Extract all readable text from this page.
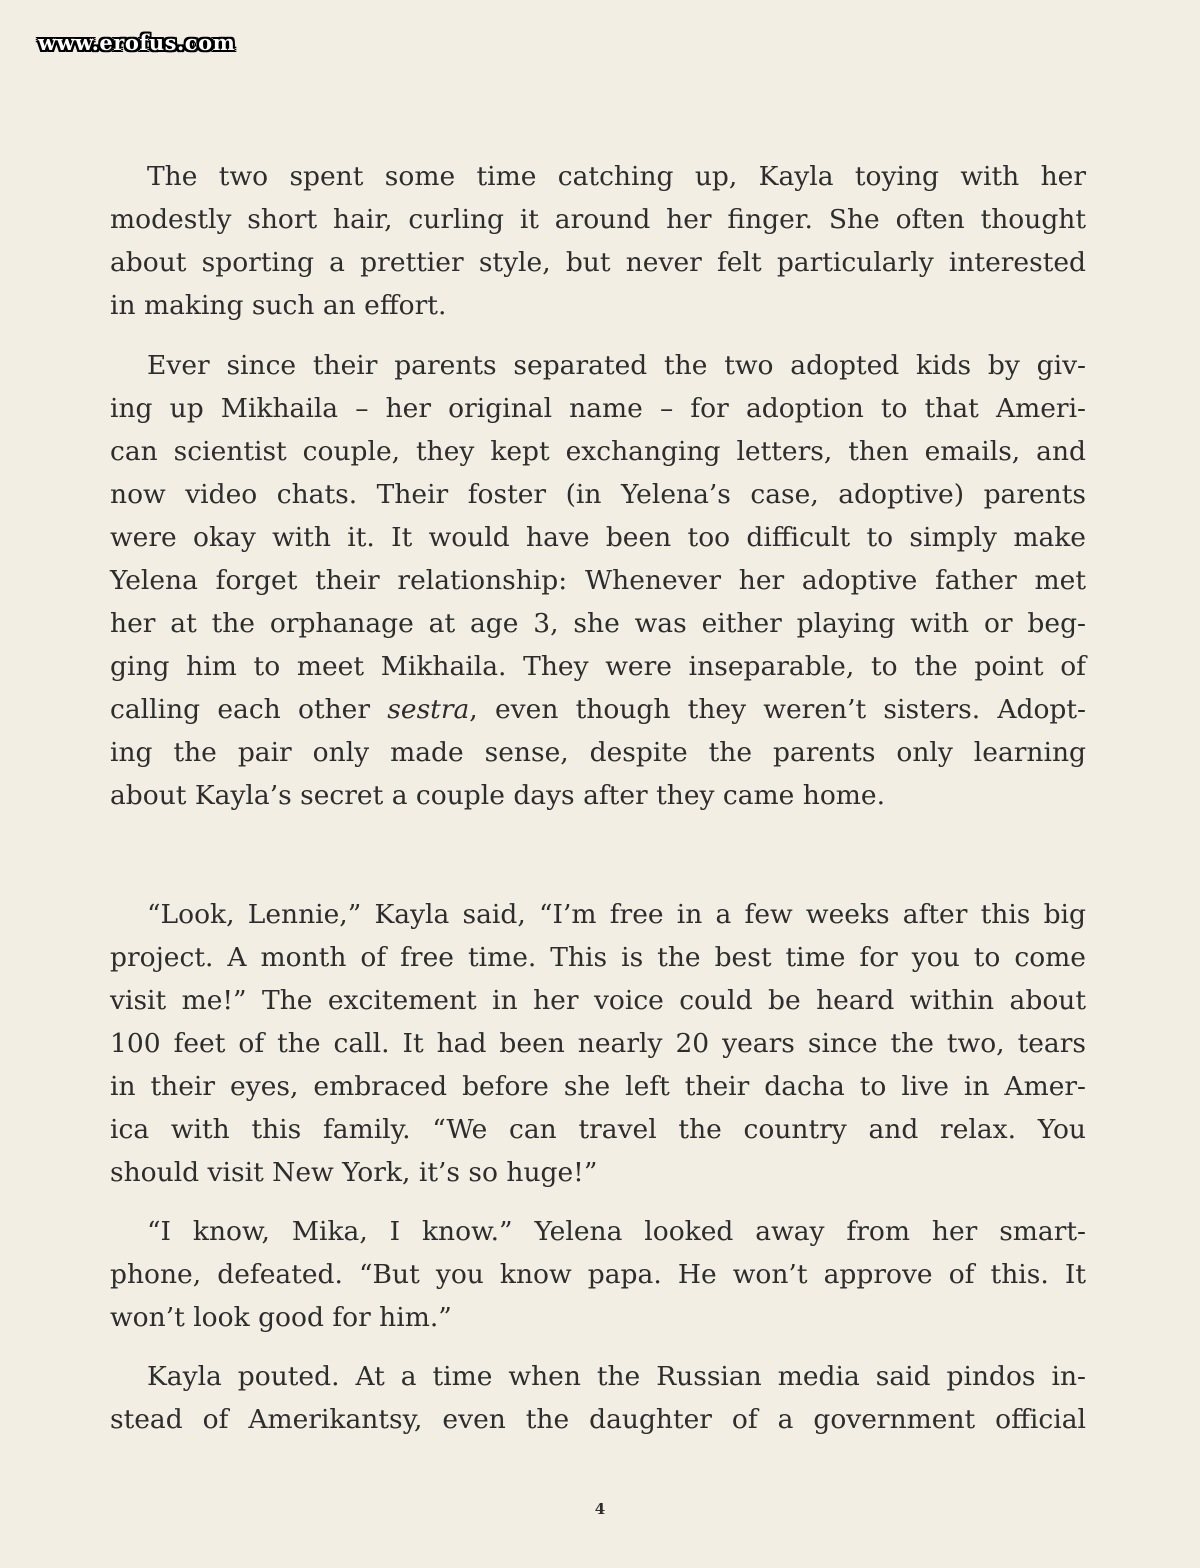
www.erofus.com
The two spent some time catching up, Kayla toying with her
modestly short hair, curling it around her finger. She often thought
about sporting a prettier style, but never felt particularly interested
in making such an effort.
Ever since their parents separated the two adopted kids by giv-
ing up Mikhaila – her original name – for adoption to that Ameri-
can scientist couple, they kept exchanging letters, then emails, and
now video chats. Their foster (in Yelena’s case, adoptive) parents
were okay with it. It would have been too difficult to simply make
Yelena forget their relationship: Whenever her adoptive father met
her at the orphanage at age 3, she was either playing with or beg-
ging him to meet Mikhaila. They were inseparable, to the point of
calling each other sestra, even though they weren’t sisters. Adopt-
ing the pair only made sense, despite the parents only learning
about Kayla’s secret a couple days after they came home.
“Look, Lennie,” Kayla said, “I’m free in a few weeks after this big
project. A month of free time. This is the best time for you to come
visit me!” The excitement in her voice could be heard within about
100 feet of the call. It had been nearly 20 years since the two, tears
in their eyes, embraced before she left their dacha to live in Amer-
ica with this family. “We can travel the country and relax. You
should visit New York, it’s so huge!”
“I know, Mika, I know.” Yelena looked away from her smart-
phone, defeated. “But you know papa. He won’t approve of this. It
won’t look good for him.”
Kayla pouted. At a time when the Russian media said pindos in-
stead of Amerikantsy, even the daughter of a government official
4
